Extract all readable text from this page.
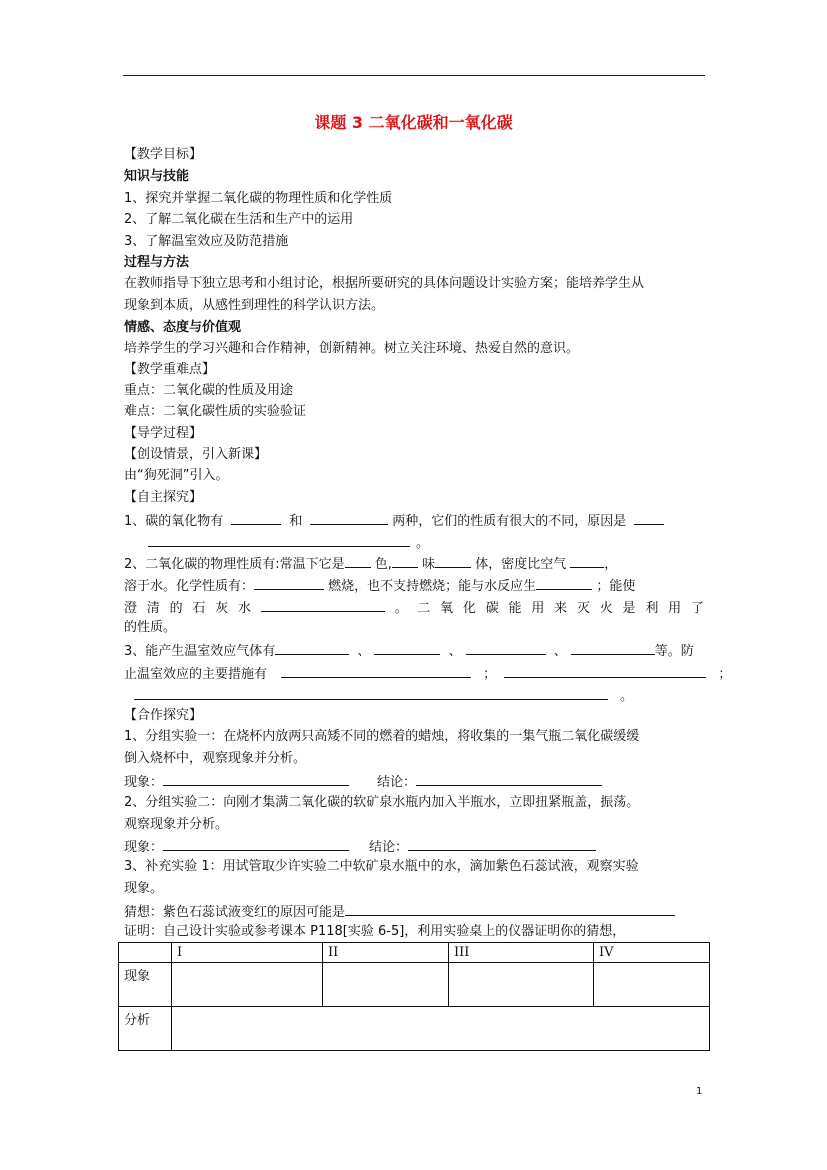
课题 3 二氧化碳和一氧化碳
【教学目标】
知识与技能
1、探究并掌握二氧化碳的物理性质和化学性质
2、了解二氧化碳在生活和生产中的运用
3、了解温室效应及防范措施
过程与方法
在教师指导下独立思考和小组讨论，根据所要研究的具体问题设计实验方案；能培养学生从
现象到本质，从感性到理性的科学认识方法。
情感、态度与价值观
培养学生的学习兴趣和合作精神，创新精神。树立关注环境、热爱自然的意识。
【教学重难点】
重点：二氧化碳的性质及用途
难点：二氧化碳性质的实验验证
【导学过程】
【创设情景，引入新课】
由“狗死洞”引入。
【自主探究】
1、碳的氧化物有	和	两种，它们的性质有很大的不同，原因是
。
2、二氧化碳的物理性质有:常温下它是 色, 味	体，密度比空气	，
溶于水。化学性质有：	燃烧，也不支持燃烧；能与水反应生	；能使
澄 清 的 石 灰 水	。 二 氧 化 碳 能 用 来 灭 火 是 利 用 了
的性质。
3、能产生温室效应气体有	、	、	、	等。防
止温室效应的主要措施有	；	；
。
【合作探究】
1、分组实验一：在烧杯内放两只高矮不同的燃着的蜡烛，将收集的一集气瓶二氧化碳缓缓
倒入烧杯中，观察现象并分析。
现象：	结论：
2、分组实验二：向刚才集满二氧化碳的软矿泉水瓶内加入半瓶水，立即扭紧瓶盖，振荡。
观察现象并分析。
现象：	结论：
3、补充实验 1：用试管取少许实验二中软矿泉水瓶中的水，滴加紫色石蕊试液，观察实验
现象。
猜想：紫色石蕊试液变红的原因可能是
证明：自己设计实验或参考课本 P118[实验 6-5]，利用实验桌上的仪器证明你的猜想，
	I	II	III	IV
现象				
分析				
1
